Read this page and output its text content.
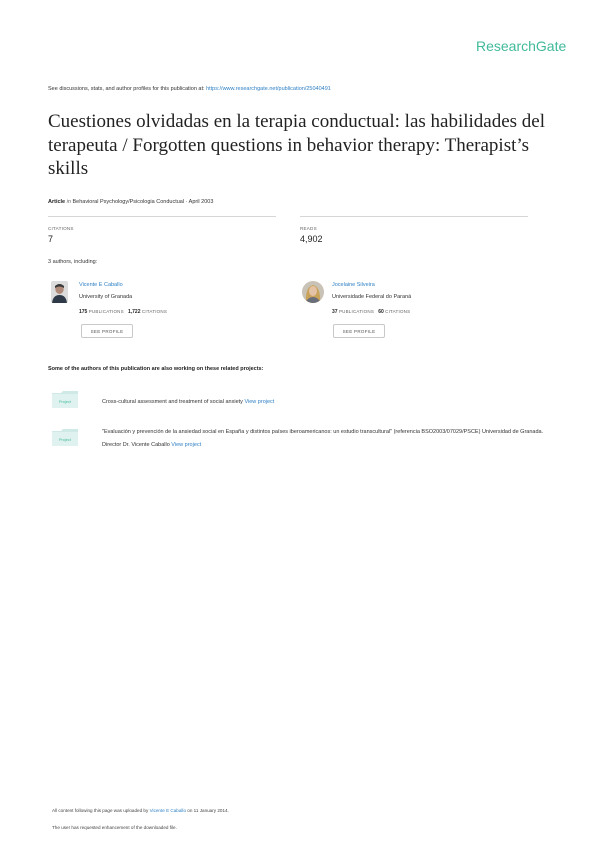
ResearchGate
See discussions, stats, and author profiles for this publication at: https://www.researchgate.net/publication/25040491
Cuestiones olvidadas en la terapia conductual: las habilidades del terapeuta / Forgotten questions in behavior therapy: Therapist’s skills
Article in Behavioral Psychology/Psicologia Conductual · April 2003
CITATIONS
7
READS
4,902
3 authors, including:
Vicente E Caballo
University of Granada
175 PUBLICATIONS 1,722 CITATIONS
SEE PROFILE
Jocelaine Silveira
Universidade Federal do Paraná
37 PUBLICATIONS 60 CITATIONS
SEE PROFILE
Some of the authors of this publication are also working on these related projects:
Project	Cross-cultural assessment and treatment of social anxiety View project
Project
"Evaluación y prevención de la ansiedad social en España y distintos países iberoamericanos: un estudio transcultural" (referencia BSO2003/07029/PSCE) Universidad de Granada. Director Dr. Vicente Caballo View project
All content following this page was uploaded by Vicente E Caballo on 11 January 2014.
The user has requested enhancement of the downloaded file.
